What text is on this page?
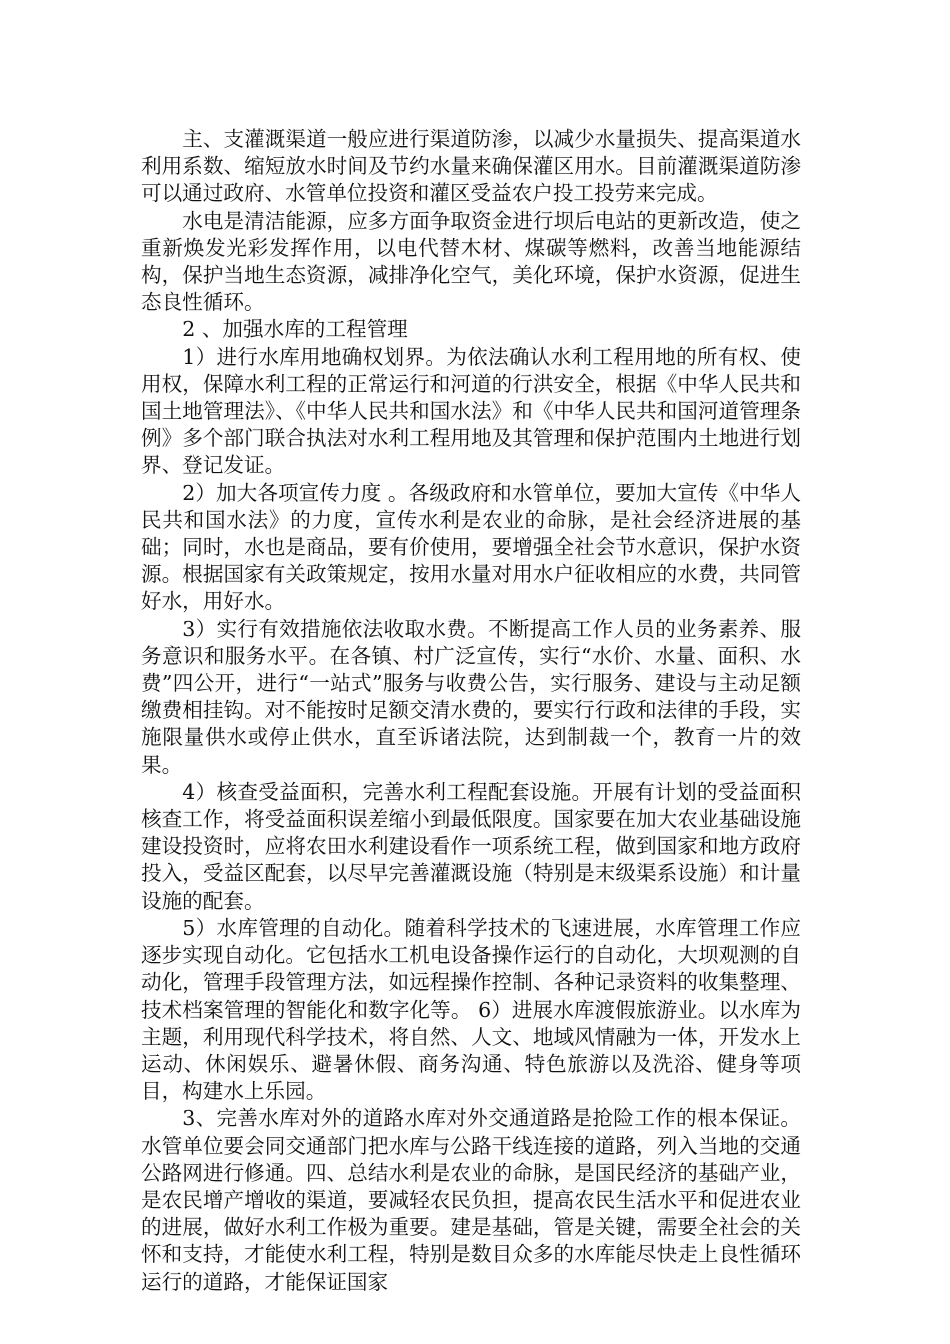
主、支灌溉渠道一般应进行渠道防渗，以减少水量损失、提高渠道水利用系数、缩短放水时间及节约水量来确保灌区用水。目前灌溉渠道防渗可以通过政府、水管单位投资和灌区受益农户投工投劳来完成。

水电是清洁能源，应多方面争取资金进行坝后电站的更新改造，使之重新焕发光彩发挥作用，以电代替木材、煤碳等燃料，改善当地能源结构，保护当地生态资源，减排净化空气，美化环境，保护水资源，促进生态良性循环。

2 、加强水库的工程管理

1）进行水库用地确权划界。为依法确认水利工程用地的所有权、使用权，保障水利工程的正常运行和河道的行洪安全，根据《中华人民共和国土地管理法》、《中华人民共和国水法》和《中华人民共和国河道管理条例》多个部门联合执法对水利工程用地及其管理和保护范围内土地进行划界、登记发证。

2）加大各项宣传力度 。各级政府和水管单位，要加大宣传《中华人民共和国水法》的力度，宣传水利是农业的命脉，是社会经济进展的基础；同时，水也是商品，要有价使用，要增强全社会节水意识，保护水资源。根据国家有关政策规定，按用水量对用水户征收相应的水费，共同管好水，用好水。

3）实行有效措施依法收取水费。不断提高工作人员的业务素养、服务意识和服务水平。在各镇、村广泛宣传，实行“水价、水量、面积、水费”四公开，进行“一站式”服务与收费公告，实行服务、建设与主动足额缴费相挂钩。对不能按时足额交清水费的，要实行行政和法律的手段，实施限量供水或停止供水，直至诉诸法院，达到制裁一个，教育一片的效果。

4）核查受益面积，完善水利工程配套设施。开展有计划的受益面积核查工作，将受益面积误差缩小到最低限度。国家要在加大农业基础设施建设投资时，应将农田水利建设看作一项系统工程，做到国家和地方政府投入，受益区配套，以尽早完善灌溉设施（特别是末级渠系设施）和计量设施的配套。

5）水库管理的自动化。随着科学技术的飞速进展，水库管理工作应逐步实现自动化。它包括水工机电设备操作运行的自动化，大坝观测的自动化，管理手段管理方法，如远程操作控制、各种记录资料的收集整理、技术档案管理的智能化和数字化等。 6）进展水库渡假旅游业。以水库为主题，利用现代科学技术，将自然、人文、地域风情融为一体，开发水上运动、休闲娱乐、避暑休假、商务沟通、特色旅游以及洗浴、健身等项目，构建水上乐园。

3、完善水库对外的道路水库对外交通道路是抢险工作的根本保证。水管单位要会同交通部门把水库与公路干线连接的道路，列入当地的交通公路网进行修通。四、总结水利是农业的命脉，是国民经济的基础产业，是农民增产增收的渠道，要减轻农民负担，提高农民生活水平和促进农业的进展，做好水利工作极为重要。建是基础，管是关键，需要全社会的关怀和支持，才能使水利工程，特别是数目众多的水库能尽快走上良性循环运行的道路，才能保证国家
